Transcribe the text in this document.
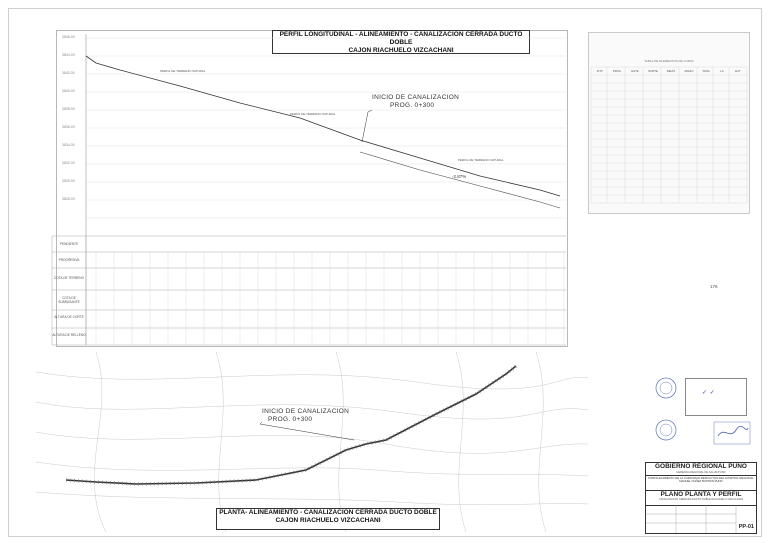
PERFIL LONGITUDINAL - ALINEAMIENTO - CANALIZACION CERRADA DUCTO DOBLE
CAJON RIACHUELO VIZCACHANI
INICIO DE CANALIZACION
PROG. 0+300
PERFIL DE TERRENO NATURAL
PERFIL DE TERRENO NATURAL
PERFIL DE TERRENO NATURAL
-2.87%
3846.00
3844.00
3842.00
3840.00
3838.00
3836.00
3834.00
3832.00
3830.00
3828.00
PENDIENTE
PROGRESIVA
COTA DE TERRENO
COTA DE SUBRASANTE
ALTURA DE CORTE
ALTURA DE RELLENO
TABLA DE ELEMENTOS DE CURVA
PI N°	PROG	ESTE	NORTE	DELTA	RADIO	TANG	LC	EXT
176
INICIO DE CANALIZACION
PROG. 0+300
PLANTA- ALINEAMIENTO - CANALIZACION CERRADA DUCTO DOBLE
CAJON RIACHUELO VIZCACHANI
✓ ✓
GOBIERNO REGIONAL PUNO
GERENCIA REGIONAL DE SALUD PUNO
FORTALECIMIENTO DE LA CAPACIDAD RESOLUTIVA DEL HOSPITAL REGIONAL MANUEL NUÑEZ BUTRON PUNO
PLANO PLANTA Y PERFIL
CANALIZACION CERRADA DUCTO DOBLE RIACHUELO VIZCACHANI
PP-01
